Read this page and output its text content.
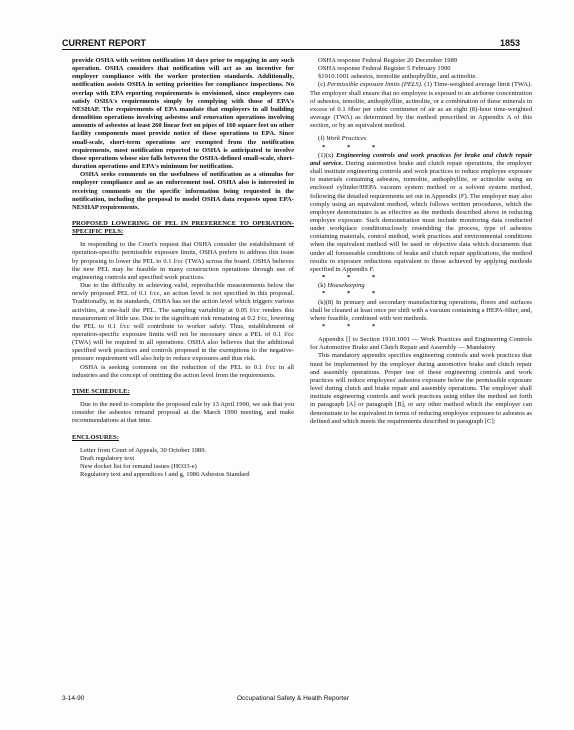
CURRENT REPORT	1853

provide OSHA with written notification 10 days prior to engaging in any such operation. OSHA considers that notification will act as an incentive for employer compliance with the worker protection standards. Additionally, notification assists OSHA in setting priorities for compliance inspections. No overlap with EPA reporting requirements is envisioned, since employers can satisfy OSHA's requirements simply by complying with those of EPA's NESHAP. The requirements of EPA mandate that employers in all building demolition operations involving asbestos and renovation operations involving amounts of asbestos at least 260 linear feet on pipes of 160 square feet on other facility components must provide notice of these operations to EPA. Since small-scale, short-term operations are exempted from the notification requirements, most notification reported to OSHA is anticipated to involve those operations whose size falls between the OSHA-defined small-scale, short-duration operations and EPA's minimum for notification.

OSHA seeks comments on the usefulness of notification as a stimulus for employer compliance and as an enforcement tool. OSHA also is interested in receiving comments on the specific information being requested in the notification, including the proposal to model OSHA data requests upon EPA-NESHAP requirements.

PROPOSED LOWERING OF PEL IN PREFERENCE TO OPERATION-SPECIFIC PELS:

In responding to the Court's request that OSHA consider the establishment of operation-specific permissible exposure limits, OSHA prefers to address this issue by proposing to lower the PEL to 0.1 f/cc (TWA) across the board. OSHA believes the new PEL may be feasible in many construction operations through use of engineering controls and specified work practices.

Due to the difficulty in achieving valid, reproducible measurements below the newly proposed PEL of 0.1 f/cc, an action level is not specified in this proposal. Traditionally, in its standards, OSHA has set the action level which triggers various activities, at one-half the PEL. The sampling variability at 0.05 f/cc renders this measurement of little use. Due to the significant risk remaining at 0.2 f/cc, lowering the PEL to 0.1 f/cc will contribute to worker safety. Thus, establishment of operation-specific exposure limits will not be necessary since a PEL of 0.1 f/cc (TWA) will be required in all operations. OSHA also believes that the additional specified work practices and controls proposed in the exemptions to the negative-pressure requirement will also help to reduce exposures and thus risk.

OSHA is seeking comment on the reduction of the PEL to 0.1 f/cc in all industries and the concept of omitting the action level from the requirements.

TIME SCHEDULE:

Due to the need to complete the proposed rule by 13 April 1990, we ask that you consider the asbestos remand proposal at the March 1990 meeting, and make recommendations at that time.

ENCLOSURES:

Letter from Court of Appeals, 30 October 1989.
Draft regulatory text
New docket list for remand issues (HO33-e)
Regulatory text and appendices f and g, 1986 Asbestos Standard
OSHA response Federal Register 20 December 1989
OSHA response Federal Register 5 February 1990

§1910.1001 asbestos, tremolite anthophyllite, and actinolite.

(c) Permissible exposure limits (PELS). (1) Time-weighted average limit (TWA). The employer shall ensure that no employee is exposed to an airborne concentration of asbestos, temolite, anthophyllite, actinolite, or a combination of these minerals in excess of 0.1 fiber per cubic centimeter of air as an eight (8)-hour time-weighted average (TWA) as determined by the method prescribed in Appendix A of this section, or by an equivalent method.

(f) Work Practices

* * *

(1)(x) Engineering controls and work practices for brake and clutch repair and service. During automotive brake and clutch repair operations, the employer shall institute engineering controls and work practices to reduce employee exposure to materials containing asbestos, tremolite, anthophyllite, or actinolite using an enclosed cylinder/HEPA vacuum system method or a solvent system method, following the detailed requirements set out in Appendix (F). The employer may also comply using an equivalent method, which follows written procedures, which the employer demonstrates is as effective as the methods described above in reducing employee exposure. Such demonstration must include monitoring data conducted under workplace conditionsclosely resembling the process, type of asbestos containing materials, control method, work practices and environmental conditions when the equivalent method will be used or objective data which documents that under all foreseeable conditions of brake and clutch repair applications, the method results in exposure reductions equivalent to those achieved by applying methods specified in Appendix F.

* * *

(k) Housekeeping

* * *

(k)(8) In primary and secondary manufacturing operations, floors and surfaces shall be cleaned at least once per shift with a vacuum containing a HEPA-filter, and, where feasible, combined with wet methods.

* * *

Appendix [] to Section 1910.1001 — Work Practices and Engineering Controls for Automotive Brake and Clutch Repair and Assembly — Mandatory

This mandatory appendix specifies engineering controls and work practices that must be implemented by the employer during automotive brake and clutch repair and assembly operations. Proper use of these engineering controls and work practices will reduce employees' asbestos exposure below the permissible exposure level during clutch and brake repair and assembly operations. The employer shall institute engineering controls and work practices using either the method set forth in paragraph [A] or paragraph [B], or any other method which the employer can demonstrate to be equivalent in terms of reducing employee exposure to asbestos as defined and which meets the requirements described in paragraph [C]:

3-14-90	Occupational Safety & Health Reporter
